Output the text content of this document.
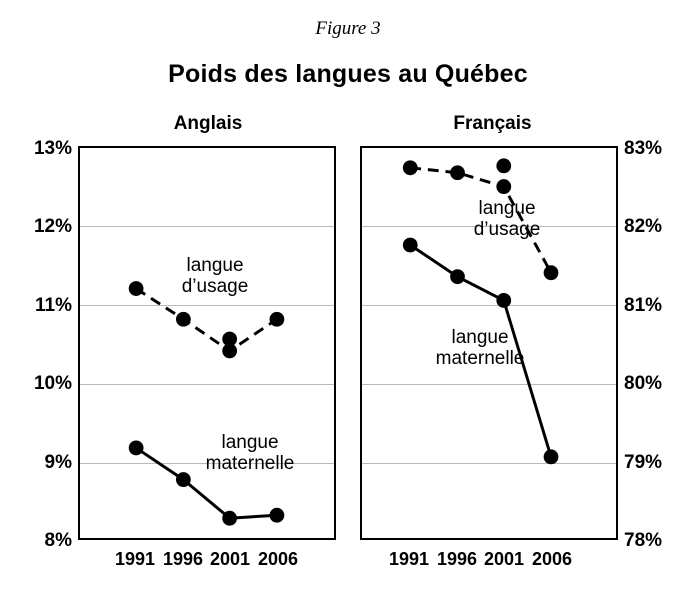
Figure 3
Poids des langues au Québec
Anglais	Français
13%
12%
11%
10%
9%
8%
83%
82%
81%
80%
79%
78%
langue
d’usage
langue
maternelle
langue
d’usage
langue
maternelle
1991 1996 2001 2006	1991 1996 2001 2006
